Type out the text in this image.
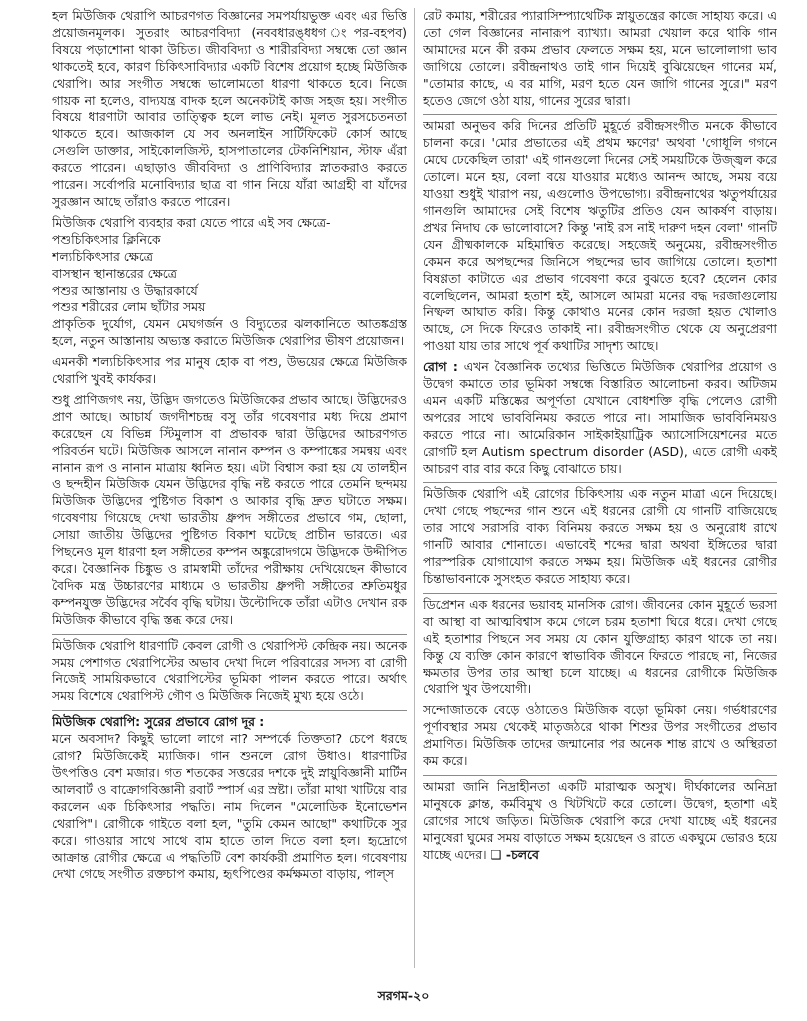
হল মিউজিক থেরাপি আচরণগত বিজ্ঞানের সমপর্যায়ভুক্ত এবং এর ভিত্তি প্রয়োজনমূলক। সুতরাং আচরণবিদ্যা (নববধারঙ্ধধগ ংপর-বহপব) বিষয়ে পড়াশোনা থাকা উচিত। জীববিদ্যা ও শারীরবিদ্যা সম্বন্ধে তো জ্ঞান থাকতেই হবে, কারণ চিকিৎসাবিদ্যার একটি বিশেষ প্রয়োগ হচ্ছে মিউজিক থেরাপি। আর সংগীত সম্বন্ধে ভালোমতো ধারণা থাকতে হবে। নিজে গায়ক না হলেও, বাদ্যযন্ত্র বাদক হলে অনেকটাই কাজ সহজ হয়। সংগীত বিষয়ে ধারণাটা আবার তাত্ত্বিক হলে লাভ নেই। মূলত সুরসচেতনতা থাকতে হবে। আজকাল যে সব অনলাইন সার্টিফিকেট কোর্স আছে সেগুলি ডাক্তার, সাইকোলজিস্ট, হাসপাতালের টেকনিশিয়ান, স্টাফ এঁরা করতে পারেন। এছাড়াও জীববিদ্যা ও প্রাণিবিদ্যার স্নাতকরাও করতে পারেন। সর্বোপরি মনোবিদ্যার ছাত্র বা গান নিয়ে যাঁরা আগ্রহী বা যাঁদের সুরজ্ঞান আছে তাঁরাও করতে পারেন।

মিউজিক থেরাপি ব্যবহার করা যেতে পারে এই সব ক্ষেত্রে-

পশুচিকিৎসার ক্লিনিকে

শল্যচিকিৎসার ক্ষেত্রে

বাসস্থান স্থানান্তরের ক্ষেত্রে

পশুর আস্তানায় ও উদ্ধারকার্যে

পশুর শরীরের লোম ছাঁটার সময়

প্রাকৃতিক দুর্যোগ, যেমন মেঘগর্জন ও বিদ্যুতের ঝলকানিতে আতঙ্কগ্রস্ত হলে, নতুন আস্তানায় অভ্যস্ত করাতে মিউজিক থেরাপির ভীষণ প্রয়োজন।

এমনকী শল্যচিকিৎসার পর মানুষ হোক বা পশু, উভয়ের ক্ষেত্রে মিউজিক থেরাপি খুবই কার্যকর।

শুধু প্রাণিজগৎ নয়, উদ্ভিদ জগতেও মিউজিকের প্রভাব আছে। উদ্ভিদেরও প্রাণ আছে। আচার্য জগদীশচন্দ্র বসু তাঁর গবেষণার মধ্য দিয়ে প্রমাণ করেছেন যে বিভিন্ন স্টিমুলাস বা প্রভাবক দ্বারা উদ্ভিদের আচরণগত পরিবর্তন ঘটে। মিউজিক আসলে নানান কম্পন ও কম্পাঙ্কের সমন্বয় এবং নানান রূপ ও নানান মাত্রায় ধ্বনিত হয়। এটা বিশ্বাস করা হয় যে তালহীন ও ছন্দহীন মিউজিক যেমন উদ্ভিদের বৃদ্ধি নষ্ট করতে পারে তেমনি ছন্দময় মিউজিক উদ্ভিদের পুষ্টিগত বিকাশ ও আকার বৃদ্ধি দ্রুত ঘটাতে সক্ষম। গবেষণায় গিয়েছে দেখা ভারতীয় ধ্রুপদ সঙ্গীতের প্রভাবে গম, ছোলা, সোয়া জাতীয় উদ্ভিদের পুষ্টিগত বিকাশ ঘটেছে প্রাচীন ভারতে। এর পিছনেও মূল ধারণা হল সঙ্গীতের কম্পন অঙ্কুরোদগমে উদ্ভিদকে উদ্দীপিত করে। বৈজ্ঞানিক চিঙ্কুভ ও রামস্বামী তাঁদের পরীক্ষায় দেখিয়েছেন কীভাবে বৈদিক মন্ত্র উচ্চারণের মাধ্যমে ও ভারতীয় ধ্রুপদী সঙ্গীতের শ্রুতিমধুর কম্পনযুক্ত উদ্ভিদের সর্বৈব বৃদ্ধি ঘটায়। উল্টোদিকে তাঁরা এটাও দেখান রক মিউজিক কীভাবে বৃদ্ধি স্তব্ধ করে দেয়।

মিউজিক থেরাপি ধারণাটি কেবল রোগী ও থেরাপিস্ট কেন্দ্রিক নয়। অনেক সময় পেশাগত থেরাপিস্টের অভাব দেখা দিলে পরিবারের সদস্য বা রোগী নিজেই সাময়িকভাবে থেরাপিস্টের ভূমিকা পালন করতে পারে। অর্থাৎ সময় বিশেষে থেরাপিস্ট গৌণ ও মিউজিক নিজেই মুখ্য হয়ে ওঠে।

মিউজিক থেরাপি: সুরের প্রভাবে রোগ দূর :

মনে অবসাদ? কিছুই ভালো লাগে না? সম্পর্কে তিক্ততা? চেপে ধরছে রোগ? মিউজিকেই ম্যাজিক। গান শুনলে রোগ উধাও। ধারণাটির উৎপত্তিও বেশ মজার। গত শতকের সত্তরের দশকে দুই স্নায়ুবিজ্ঞানী মার্টিন আলবার্ট ও বাক্রোগবিজ্ঞানী রবার্ট স্পার্স এর স্রষ্টা। তাঁরা মাথা খাটিয়ে বার করলেন এক চিকিৎসার পদ্ধতি। নাম দিলেন "মেলোডিক ইনোভেশন থেরাপি"। রোগীকে গাইতে বলা হল, "তুমি কেমন আছো" কথাটিকে সুর করে। গাওয়ার সাথে সাথে বাম হাতে তাল দিতে বলা হল। হৃদ্রোগে আক্রান্ত রোগীর ক্ষেত্রে এ পদ্ধতিটি বেশ কার্যকরী প্রমাণিত হল। গবেষণায় দেখা গেছে সংগীত রক্তচাপ কমায়, হৃৎপিণ্ডের কর্মক্ষমতা বাড়ায়, পাল্স

রেট কমায়, শরীরের প্যারাসিম্প্যাথেটিক স্নায়ুতন্ত্রের কাজে সাহায্য করে। এ তো গেল বিজ্ঞানের নানারূপ ব্যাখ্যা। আমরা খেয়াল করে থাকি গান আমাদের মনে কী রকম প্রভাব ফেলতে সক্ষম হয়, মনে ভালোলাগা ভাব জাগিয়ে তোলে। রবীন্দ্রনাথও তাই গান দিয়েই বুঝিয়েছেন গানের মর্ম, "তোমার কাছে, এ বর মাগি, মরণ হতে যেন জাগি গানের সুরে।" মরণ হতেও জেগে ওঠা যায়, গানের সুরের দ্বারা।

আমরা অনুভব করি দিনের প্রতিটি মুহূর্তে রবীন্দ্রসংগীত মনকে কীভাবে চালনা করে। 'মোর প্রভাতের এই প্রথম ক্ষণের' অথবা 'গোধূলি গগনে মেঘে ঢেকেছিল তারা' এই গানগুলো দিনের সেই সময়টিকে উজ্জ্বল করে তোলে। মনে হয়, বেলা বয়ে যাওয়ার মধ্যেও আনন্দ আছে, সময় বয়ে যাওয়া শুধুই খারাপ নয়, এগুলোও উপভোগ্য। রবীন্দ্রনাথের ঋতুপর্যায়ের গানগুলি আমাদের সেই বিশেষ ঋতুটির প্রতিও যেন আকর্ষণ বাড়ায়। প্রখর নিদাঘ কে ভালোবাসে? কিন্তু 'নাই রস নাই দারুণ দহন বেলা' গানটি যেন গ্রীষ্মকালকে মহিমান্বিত করেছে। সহজেই অনুমেয়, রবীন্দ্রসংগীত কেমন করে অপছন্দের জিনিসে পছন্দের ভাব জাগিয়ে তোলে। হতাশা বিষণ্ণতা কাটাতে এর প্রভাব গবেষণা করে বুঝতে হবে? হেলেন কোর বলেছিলেন, আমরা হতাশ হই, আসলে আমরা মনের বদ্ধ দরজাগুলোয় নিষ্ফল আঘাত করি। কিন্তু কোথাও মনের কোন দরজা হয়ত খোলাও আছে, সে দিকে ফিরেও তাকাই না। রবীন্দ্রসংগীত থেকে যে অনুপ্রেরণা পাওয়া যায় তার সাথে পূর্ব কথাটির সাদৃশ্য আছে।

রোগ : এখন বৈজ্ঞানিক তথ্যের ভিত্তিতে মিউজিক থেরাপির প্রয়োগ ও উদ্বেগ কমাতে তার ভূমিকা সম্বন্ধে বিস্তারিত আলোচনা করব। অটিজম এমন একটি মস্তিষ্কের অপূর্ণতা যেখানে বোধশক্তি বৃদ্ধি পেলেও রোগী অপরের সাথে ভাববিনিময় করতে পারে না। সামাজিক ভাববিনিময়ও করতে পারে না। আমেরিকান সাইকাইয়াট্রিক অ্যাসোসিয়েশনের মতে রোগটি হল Autism spectrum disorder (ASD), এতে রোগী একই আচরণ বার বার করে কিছু বোঝাতে চায়।

মিউজিক থেরাপি এই রোগের চিকিৎসায় এক নতুন মাত্রা এনে দিয়েছে। দেখা গেছে পছন্দের গান শুনে এই ধরনের রোগী যে গানটি বাজিয়েছে তার সাথে সরাসরি বাক্য বিনিময় করতে সক্ষম হয় ও অনুরোধ রাখে গানটি আবার শোনাতে। এভাবেই শব্দের দ্বারা অথবা ইঙ্গিতের দ্বারা পারস্পরিক যোগাযোগ করতে সক্ষম হয়। মিউজিক এই ধরনের রোগীর চিন্তাভাবনাকে সুসংহত করতে সাহায্য করে।

ডিপ্রেশন এক ধরনের ভয়াবহ মানসিক রোগ। জীবনের কোন মুহূর্তে ভরসা বা আস্থা বা আত্মবিশ্বাস কমে গেলে চরম হতাশা ঘিরে ধরে। দেখা গেছে এই হতাশার পিছনে সব সময় যে কোন যুক্তিগ্রাহ্য কারণ থাকে তা নয়। কিন্তু যে ব্যক্তি কোন কারণে স্বাভাবিক জীবনে ফিরতে পারছে না, নিজের ক্ষমতার উপর তার আস্থা চলে যাচ্ছে। এ ধরনের রোগীকে মিউজিক থেরাপি খুব উপযোগী।

সন্দোজাতকে বেড়ে ওঠাতেও মিউজিক বড়ো ভূমিকা নেয়। গর্ভধারণের পূর্ণাবস্থার সময় থেকেই মাতৃজঠরে থাকা শিশুর উপর সংগীতের প্রভাব প্রমাণিত। মিউজিক তাদের জন্মানোর পর অনেক শান্ত রাখে ও অস্থিরতা কম করে।

আমরা জানি নিদ্রাহীনতা একটি মারাত্মক অসুখ। দীর্ঘকালের অনিদ্রা মানুষকে ক্লান্ত, কর্মবিমুখ ও খিটখিটে করে তোলে। উদ্বেগ, হতাশা এই রোগের সাথে জড়িত। মিউজিক থেরাপি করে দেখা যাচ্ছে এই ধরনের মানুষেরা ঘুমের সময় বাড়াতে সক্ষম হয়েছেন ও রাতে একঘুমে ভোরও হয়ে যাচ্ছে এদের। ❑ -চলবে

সরগম-২০
